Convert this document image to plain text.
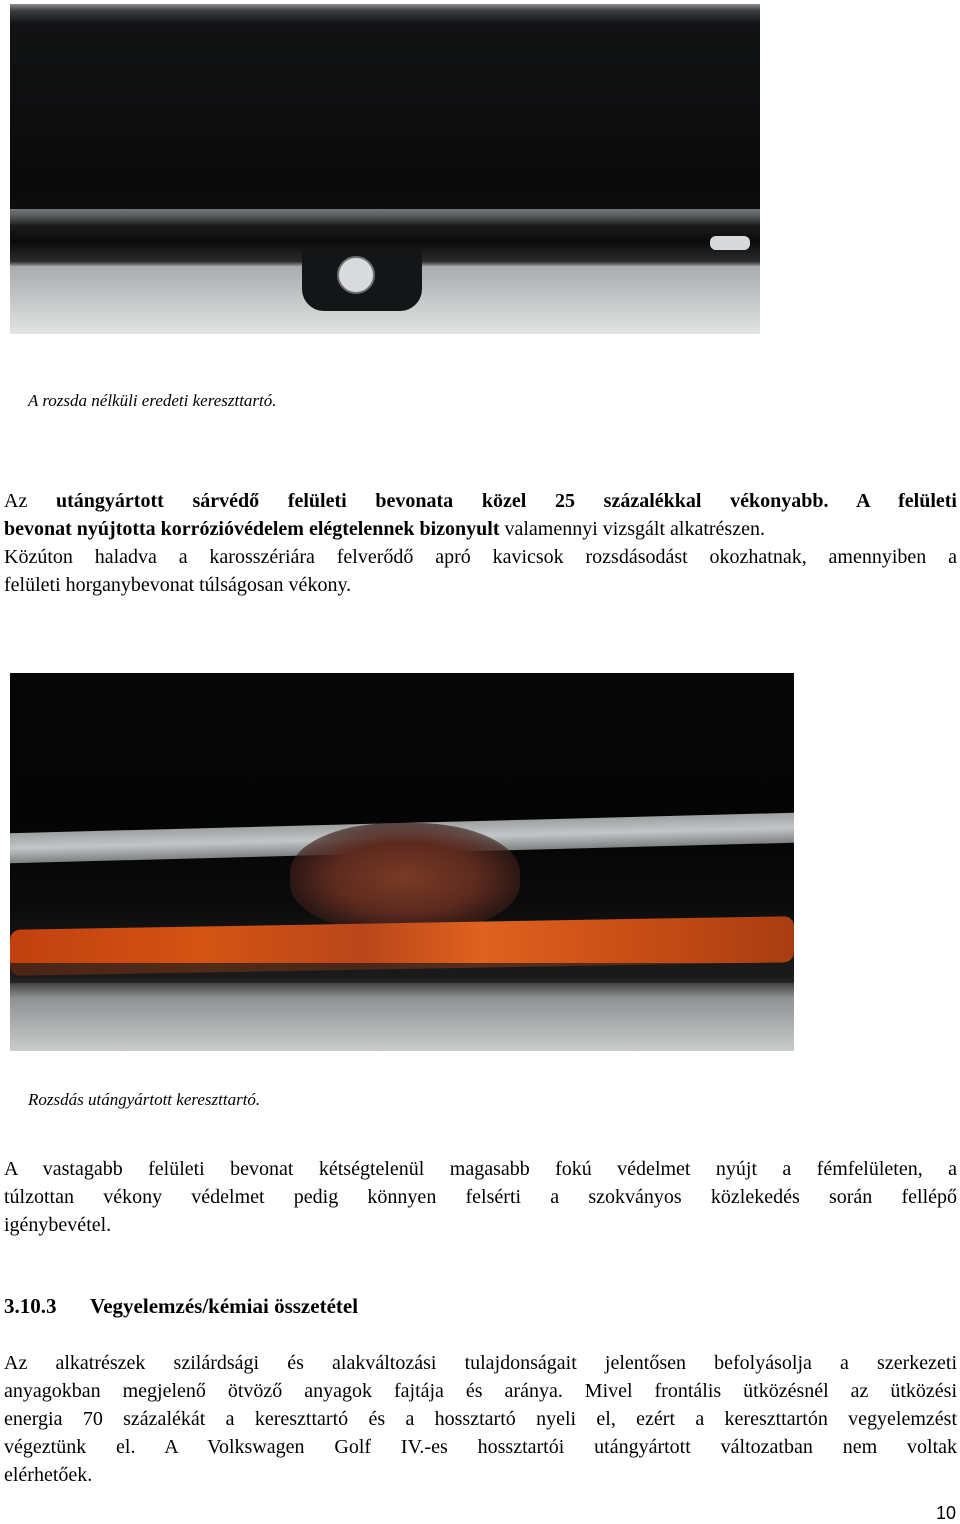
A rozsda nélküli eredeti kereszttartó.
Az utángyártott sárvédő felületi bevonata közel 25 százalékkal vékonyabb. A felületi
bevonat nyújtotta korrózióvédelem elégtelennek bizonyult valamennyi vizsgált alkatrészen.
Közúton haladva a karosszériára felverődő apró kavicsok rozsdásodást okozhatnak, amennyiben a
felületi horganybevonat túlságosan vékony.
Rozsdás utángyártott kereszttartó.
A vastagabb felületi bevonat kétségtelenül magasabb fokú védelmet nyújt a fémfelületen, a
túlzottan vékony védelmet pedig könnyen felsérti a szokványos közlekedés során fellépő
igénybevétel.
3.10.3 Vegyelemzés/kémiai összetétel
Az alkatrészek szilárdsági és alakváltozási tulajdonságait jelentősen befolyásolja a szerkezeti
anyagokban megjelenő ötvöző anyagok fajtája és aránya. Mivel frontális ütközésnél az ütközési
energia 70 százalékát a kereszttartó és a hossztartó nyeli el, ezért a kereszttartón vegyelemzést
végeztünk el. A Volkswagen Golf IV.-es hossztartói utángyártott változatban nem voltak
elérhetőek.
10
